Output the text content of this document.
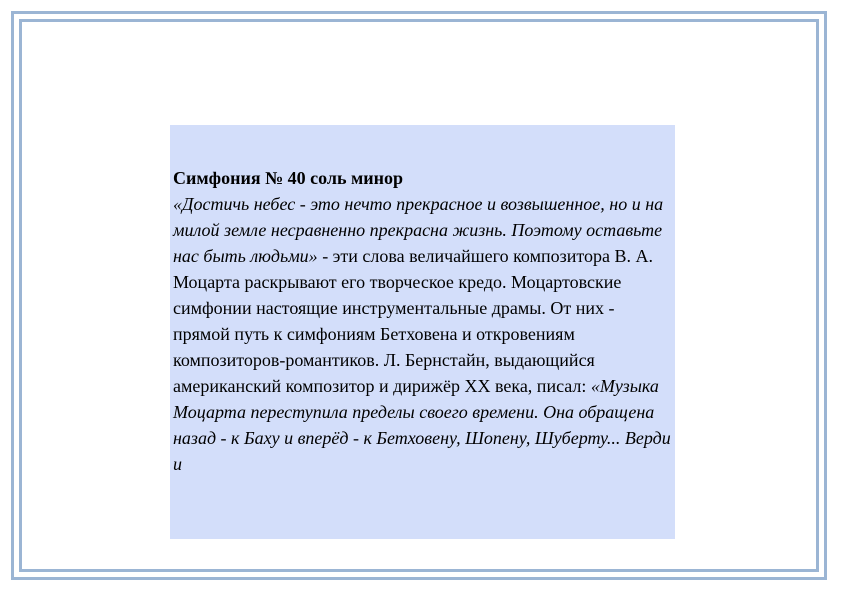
Симфония № 40 соль минор
«Достичь небес - это нечто прекрасное и возвышенное, но и на милой земле несравненно прекрасна жизнь. Поэтому оставьте нас быть людьми» - эти слова величайшего композитора В. А. Моцарта раскрывают его творческое кредо. Моцартовские симфонии настоящие инструментальные драмы. От них - прямой путь к симфониям Бетховена и откровениям композиторов-романтиков. Л. Бернстайн, выдающийся американский композитор и дирижёр XX века, писал: «Музыка Моцарта переступила пределы своего времени. Она обращена назад - к Баху и вперёд - к Бетховену, Шопену, Шуберту... Верди и
